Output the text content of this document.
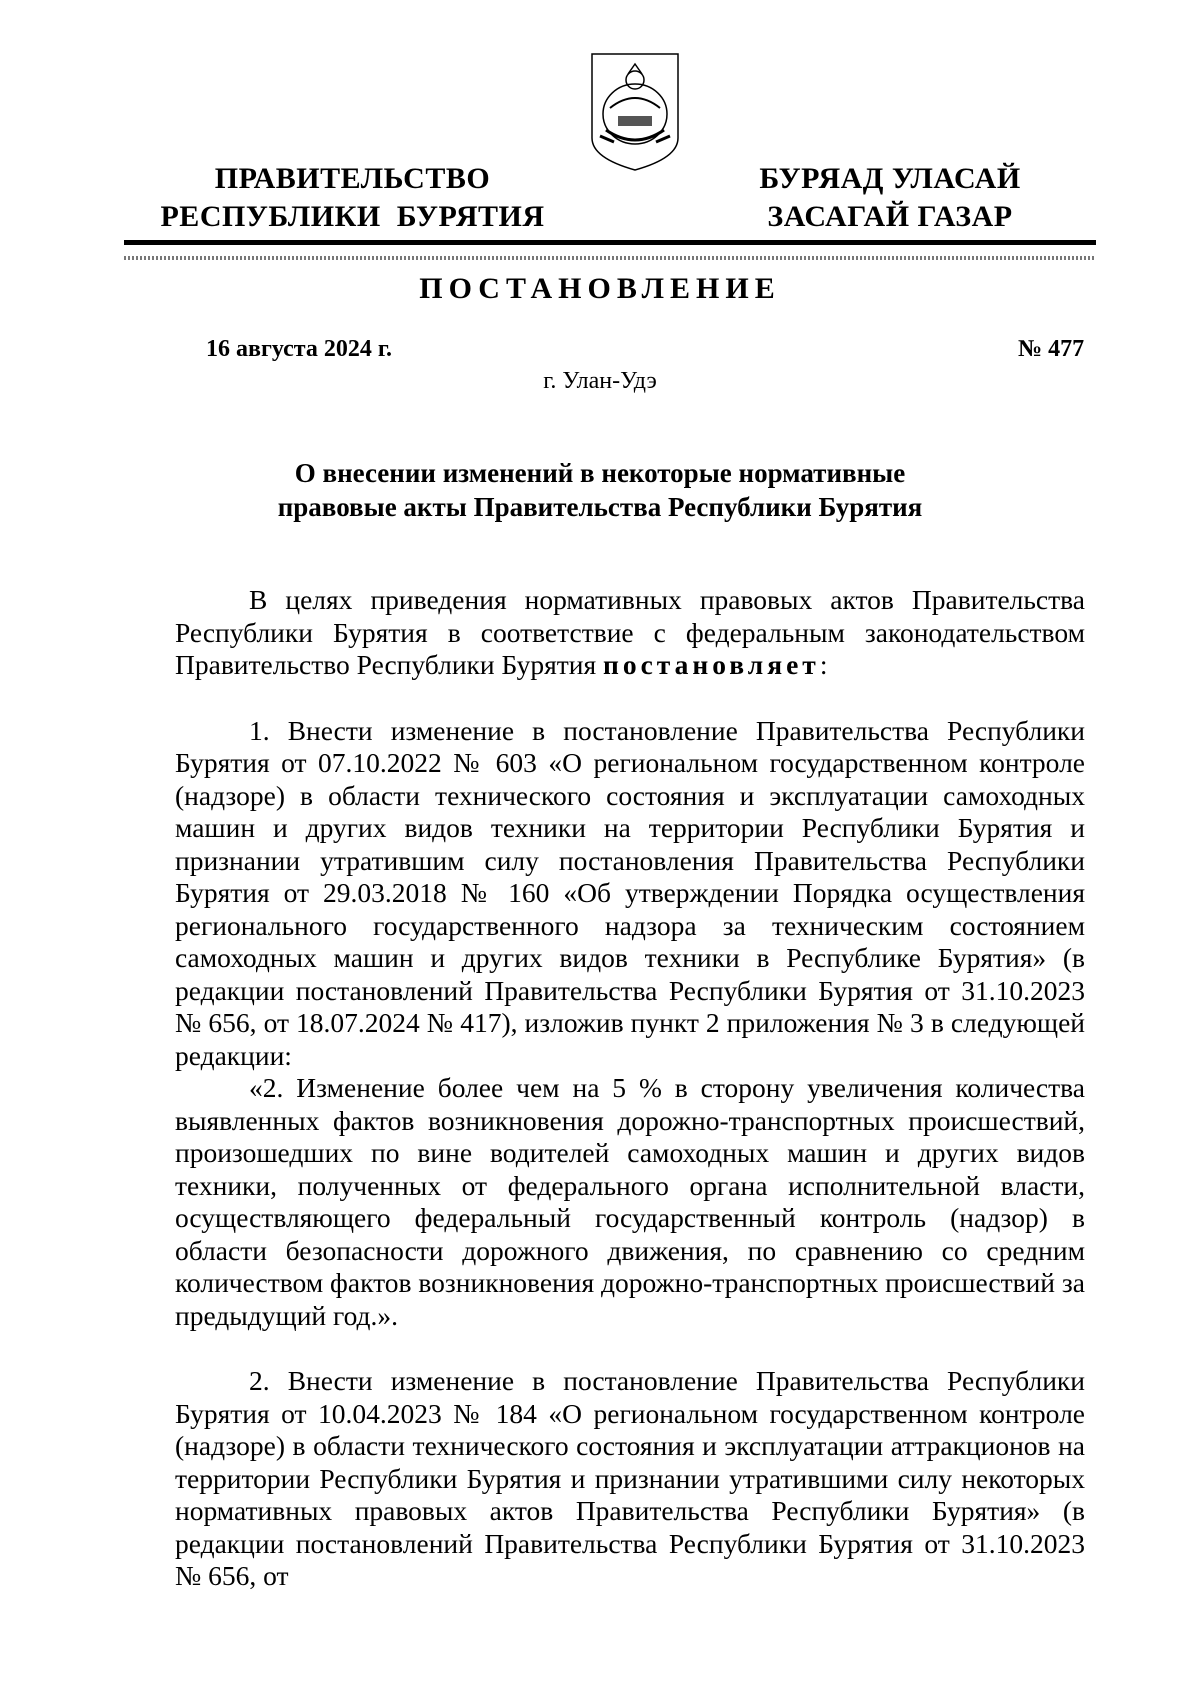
ПРАВИТЕЛЬСТВО
РЕСПУБЛИКИ  БУРЯТИЯ
БУРЯАД УЛАСАЙ
ЗАСАГАЙ ГАЗАР
ПОСТАНОВЛЕНИЕ
16 августа 2024 г.	№ 477
г. Улан-Удэ
О внесении изменений в некоторые нормативные
правовые акты Правительства Республики Бурятия

В целях приведения нормативных правовых актов Правительства Республики Бурятия в соответствие с федеральным законодательством Правительство Республики Бурятия постановляет:

1. Внести изменение в постановление Правительства Республики Бурятия от 07.10.2022 № 603 «О региональном государственном контроле (надзоре) в области технического состояния и эксплуатации самоходных машин и других видов техники на территории Республики Бурятия и признании утратившим силу постановления Правительства Республики Бурятия от 29.03.2018 № 160 «Об утверждении Порядка осуществления регионального государственного надзора за техническим состоянием самоходных машин и других видов техники в Республике Бурятия» (в редакции постановлений Правительства Республики Бурятия от 31.10.2023 № 656, от 18.07.2024 № 417), изложив пункт 2 приложения № 3 в следующей редакции:

«2. Изменение более чем на 5 % в сторону увеличения количества выявленных фактов возникновения дорожно-транспортных происшествий, произошедших по вине водителей самоходных машин и других видов техники, полученных от федерального органа исполнительной власти, осуществляющего федеральный государственный контроль (надзор) в области безопасности дорожного движения, по сравнению со средним количеством фактов возникновения дорожно-транспортных происшествий за предыдущий год.».

2. Внести изменение в постановление Правительства Республики Бурятия от 10.04.2023 № 184 «О региональном государственном контроле (надзоре) в области технического состояния и эксплуатации аттракционов на территории Республики Бурятия и признании утратившими силу некоторых нормативных правовых актов Правительства Республики Бурятия» (в редакции постановлений Правительства Республики Бурятия от 31.10.2023 № 656, от
